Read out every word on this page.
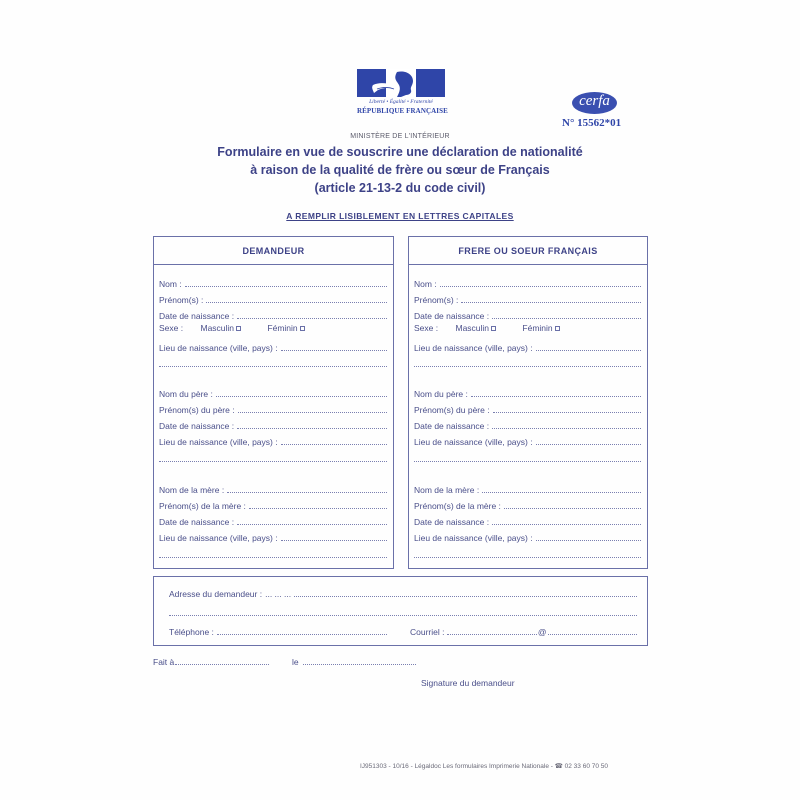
Liberté • Égalité • Fraternité
RÉPUBLIQUE FRANÇAISE
cerfa
N° 15562*01
MINISTÈRE DE L'INTÉRIEUR
Formulaire en vue de souscrire une déclaration de nationalité
à raison de la qualité de frère ou sœur de Français
(article 21-13-2 du code civil)
A REMPLIR LISIBLEMENT EN LETTRES CAPITALES
DEMANDEUR
Nom :
Prénom(s) :
Date de naissance :
Sexe : Masculin	Féminin
Lieu de naissance (ville, pays) :
Nom du père :
Prénom(s) du père :
Date de naissance :
Lieu de naissance (ville, pays) :
Nom de la mère :
Prénom(s) de la mère :
Date de naissance :
Lieu de naissance (ville, pays) :
FRERE OU SOEUR FRANÇAIS
Nom :
Prénom(s) :
Date de naissance :
Sexe : Masculin	Féminin
Lieu de naissance (ville, pays) :
Nom du père :
Prénom(s) du père :
Date de naissance :
Lieu de naissance (ville, pays) :
Nom de la mère :
Prénom(s) de la mère :
Date de naissance :
Lieu de naissance (ville, pays) :
Adresse du demandeur : ... ... ...
Téléphone :	Courriel :	@
Fait à	le
Signature du demandeur
IJ951303 - 10/16 - Légaldoc Les formulaires Imprimerie Nationale - ☎ 02 33 60 70 50
